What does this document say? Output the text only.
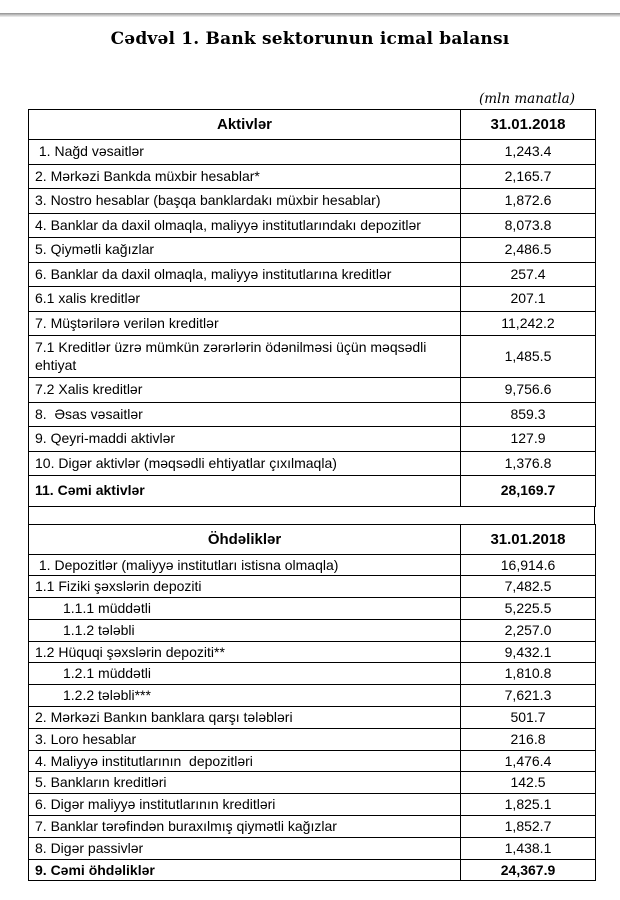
Cədvəl 1. Bank sektorunun icmal balansı
(mln manatla)
Aktivlər	31.01.2018
1. Nağd vəsaitlər	1,243.4
2. Mərkəzi Bankda müxbir hesablar*	2,165.7
3. Nostro hesablar (başqa banklardakı müxbir hesablar)	1,872.6
4. Banklar da daxil olmaqla, maliyyə institutlarındakı depozitlər	8,073.8
5. Qiymətli kağızlar	2,486.5
6. Banklar da daxil olmaqla, maliyyə institutlarına kreditlər	257.4
6.1 xalis kreditlər	207.1
7. Müştərilərə verilən kreditlər	11,242.2
7.1 Kreditlər üzrə mümkün zərərlərin ödənilməsi üçün məqsədli ehtiyat	1,485.5
7.2 Xalis kreditlər	9,756.6
8.  Əsas vəsaitlər	859.3
9. Qeyri-maddi aktivlər	127.9
10. Digər aktivlər (məqsədli ehtiyatlar çıxılmaqla)	1,376.8
11. Cəmi aktivlər	28,169.7
Öhdəliklər	31.01.2018
1. Depozitlər (maliyyə institutları istisna olmaqla)	16,914.6
1.1 Fiziki şəxslərin depoziti	7,482.5
1.1.1 müddətli	5,225.5
1.1.2 tələbli	2,257.0
1.2 Hüquqi şəxslərin depoziti**	9,432.1
1.2.1 müddətli	1,810.8
1.2.2 tələbli***	7,621.3
2. Mərkəzi Bankın banklara qarşı tələbləri	501.7
3. Loro hesablar	216.8
4. Maliyyə institutlarının  depozitləri	1,476.4
5. Bankların kreditləri	142.5
6. Digər maliyyə institutlarının kreditləri	1,825.1
7. Banklar tərəfindən buraxılmış qiymətli kağızlar	1,852.7
8. Digər passivlər	1,438.1
9. Cəmi öhdəliklər	24,367.9
